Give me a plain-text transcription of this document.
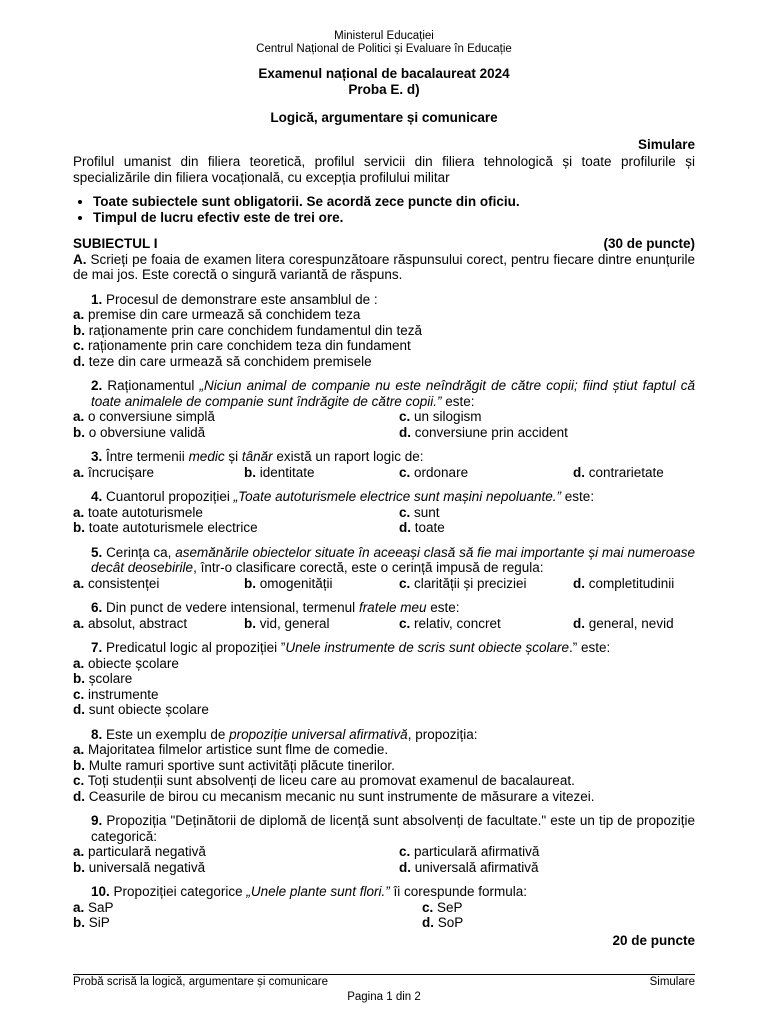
Ministerul Educației
Centrul Național de Politici și Evaluare în Educație
Examenul național de bacalaureat 2024
Proba E. d)
Logică, argumentare și comunicare
Simulare
Profilul umanist din filiera teoretică, profilul servicii din filiera tehnologică și toate profilurile și specializările din filiera vocațională, cu excepția profilului militar
• Toate subiectele sunt obligatorii. Se acordă zece puncte din oficiu.
• Timpul de lucru efectiv este de trei ore.
SUBIECTUL I	(30 de puncte)
A. Scrieți pe foaia de examen litera corespunzătoare răspunsului corect, pentru fiecare dintre enunțurile de mai jos. Este corectă o singură variantă de răspuns.
1. Procesul de demonstrare este ansamblul de :
a. premise din care urmează să conchidem teza
b. raționamente prin care conchidem fundamentul din teză
c. raționamente prin care conchidem teza din fundament
d. teze din care urmează să conchidem premisele
2. Raționamentul „Niciun animal de companie nu este neîndrăgit de către copii; fiind știut faptul că toate animalele de companie sunt îndrăgite de către copii.” este:
a. o conversiune simplă	c. un silogism
b. o obversiune validă	d. conversiune prin accident
3. Între termenii medic și tânăr există un raport logic de:
a. încrucișare	b. identitate	c. ordonare	d. contrarietate
4. Cuantorul propoziției „Toate autoturismele electrice sunt mașini nepoluante.” este:
a. toate autoturismele	c. sunt
b. toate autoturismele electrice	d. toate
5. Cerința ca, asemănările obiectelor situate în aceeași clasă să fie mai importante și mai numeroase decât deosebirile, într-o clasificare corectă, este o cerință impusă de regula:
a. consistenței	b. omogenității	c. clarității și preciziei	d. completitudinii
6. Din punct de vedere intensional, termenul fratele meu este:
a. absolut, abstract	b. vid, general	c. relativ, concret	d. general, nevid
7. Predicatul logic al propoziției ”Unele instrumente de scris sunt obiecte școlare.” este:
a. obiecte școlare
b. școlare
c. instrumente
d. sunt obiecte școlare
8. Este un exemplu de propoziție universal afirmativă, propoziția:
a. Majoritatea filmelor artistice sunt flme de comedie.
b. Multe ramuri sportive sunt activități plăcute tinerilor.
c. Toți studenții sunt absolvenți de liceu care au promovat examenul de bacalaureat.
d. Ceasurile de birou cu mecanism mecanic nu sunt instrumente de măsurare a vitezei.
9. Propoziția "Deținătorii de diplomă de licență sunt absolvenți de facultate." este un tip de propoziție categorică:
a. particulară negativă	c. particulară afirmativă
b. universală negativă	d. universală afirmativă
10. Propoziției categorice „Unele plante sunt flori.” îi corespunde formula:
a. SaP	c. SeP
b. SiP	d. SoP
20 de puncte
Probă scrisă la logică, argumentare și comunicare	Simulare
Pagina 1 din 2
